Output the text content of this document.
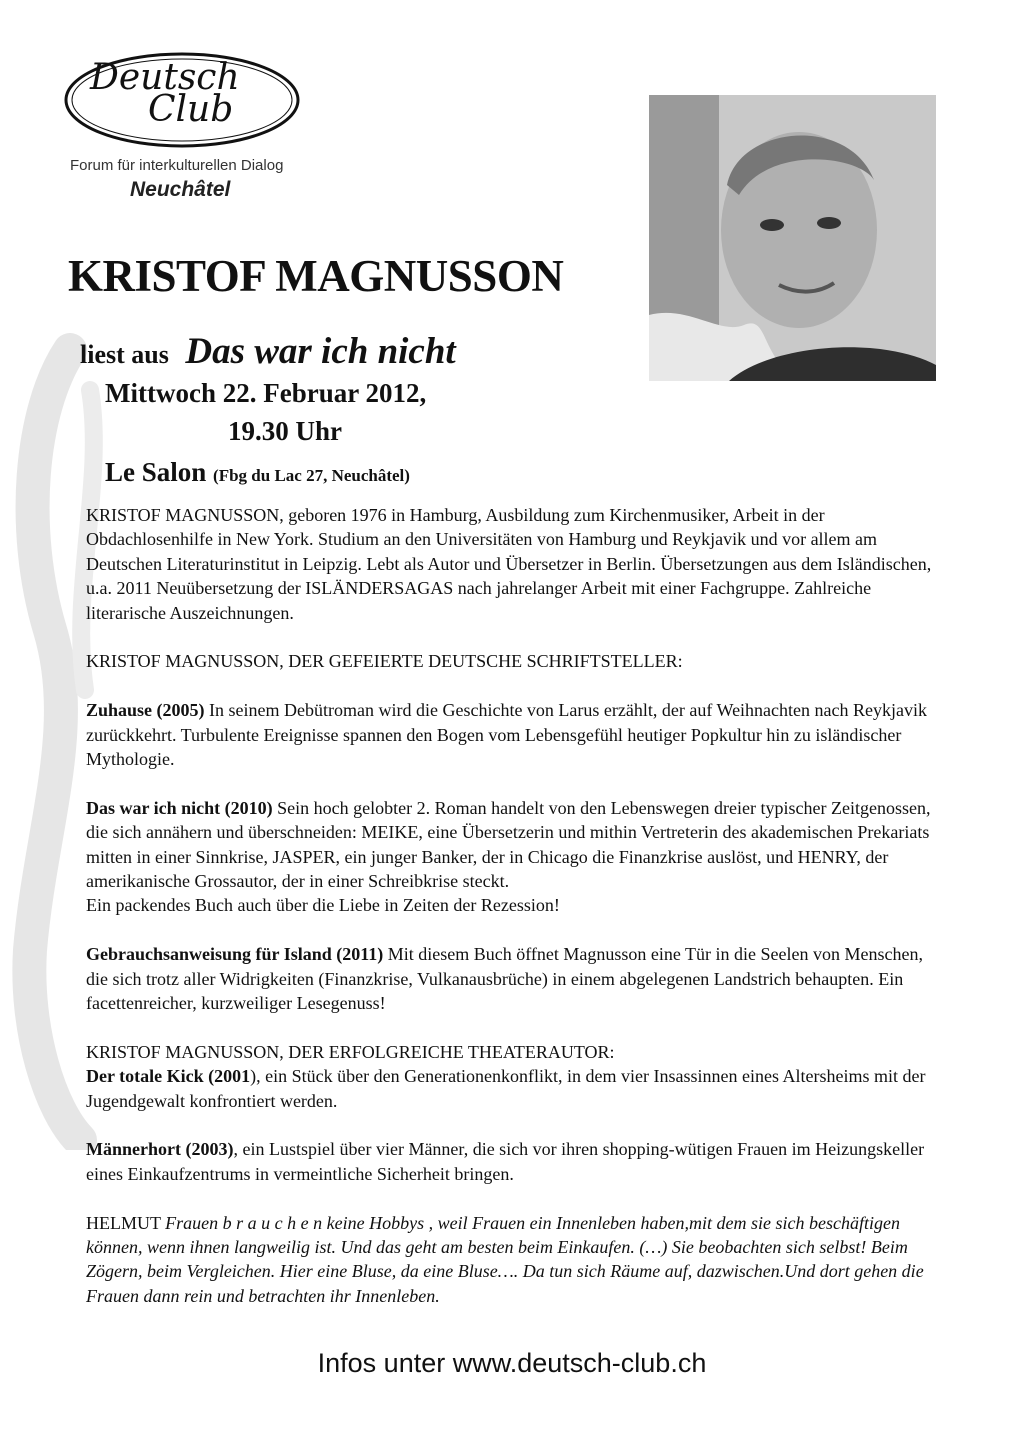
Deutsch
Club
Forum für interkulturellen Dialog
Neuchâtel
KRISTOF MAGNUSSON
liest aus Das war ich nicht
Mittwoch 22. Februar 2012,
19.30 Uhr
Le Salon (Fbg du Lac 27, Neuchâtel)

KRISTOF MAGNUSSON, geboren 1976 in Hamburg, Ausbildung zum Kirchenmusiker, Arbeit in der Obdachlosenhilfe in New York. Studium an den Universitäten von Hamburg und Reykjavik und vor allem am Deutschen Literaturinstitut in Leipzig. Lebt als Autor und Übersetzer in Berlin. Übersetzungen aus dem Isländischen, u.a. 2011 Neuübersetzung der ISLÄNDERSAGAS nach jahrelanger Arbeit mit einer Fachgruppe. Zahlreiche literarische Auszeichnungen.

KRISTOF MAGNUSSON, DER GEFEIERTE DEUTSCHE SCHRIFTSTELLER:

Zuhause (2005) In seinem Debütroman wird die Geschichte von Larus erzählt, der auf Weihnachten nach Reykjavik zurückkehrt. Turbulente Ereignisse spannen den Bogen vom Lebensgefühl heutiger Popkultur hin zu isländischer Mythologie.

Das war ich nicht (2010) Sein hoch gelobter 2. Roman handelt von den Lebenswegen dreier typischer Zeitgenossen, die sich annähern und überschneiden: MEIKE, eine Übersetzerin und mithin Vertreterin des akademischen Prekariats mitten in einer Sinnkrise, JASPER, ein junger Banker, der in Chicago die Finanzkrise auslöst, und HENRY, der amerikanische Grossautor, der in einer Schreibkrise steckt.

Ein packendes Buch auch über die Liebe in Zeiten der Rezession!

Gebrauchsanweisung für Island (2011) Mit diesem Buch öffnet Magnusson eine Tür in die Seelen von Menschen, die sich trotz aller Widrigkeiten (Finanzkrise, Vulkanausbrüche) in einem abgelegenen Landstrich behaupten. Ein facettenreicher, kurzweiliger Lesegenuss!

KRISTOF MAGNUSSON, DER ERFOLGREICHE THEATERAUTOR:

Der totale Kick (2001), ein Stück über den Generationenkonflikt, in dem vier Insassinnen eines Altersheims mit der Jugendgewalt konfrontiert werden.

Männerhort (2003), ein Lustspiel über vier Männer, die sich vor ihren shopping-wütigen Frauen im Heizungskeller eines Einkaufzentrums in vermeintliche Sicherheit bringen.

HELMUT Frauen b r a u c h e n keine Hobbys , weil Frauen ein Innenleben haben,mit dem sie sich beschäftigen können, wenn ihnen langweilig ist. Und das geht am besten beim Einkaufen. (…) Sie beobachten sich selbst! Beim Zögern, beim Vergleichen. Hier eine Bluse, da eine Bluse…. Da tun sich Räume auf, dazwischen.Und dort gehen die Frauen dann rein und betrachten ihr Innenleben.

Infos unter www.deutsch-club.ch
